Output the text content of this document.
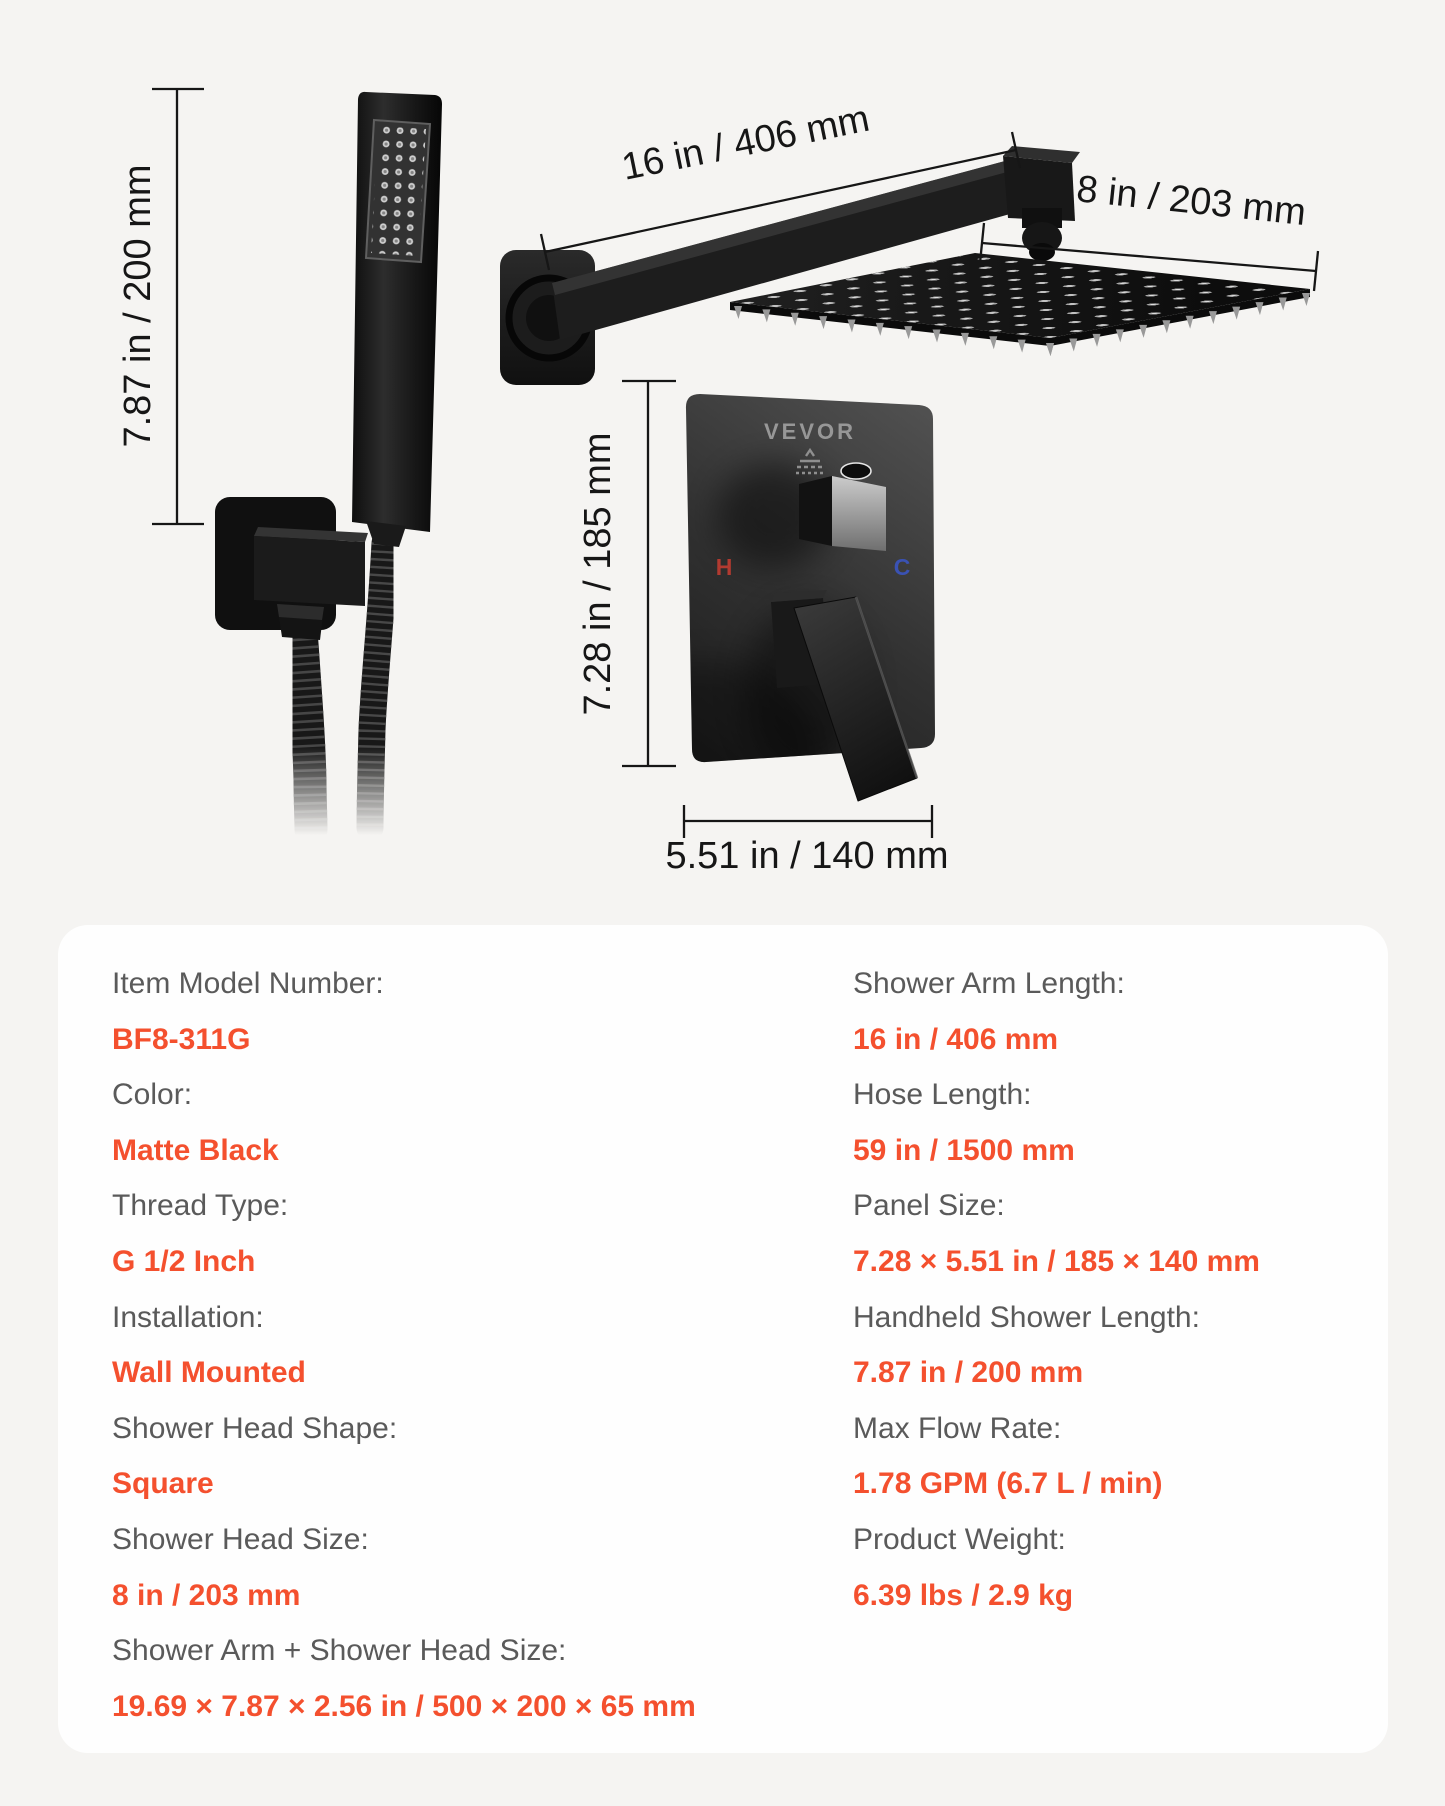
VEVOR
H	C
7.87 in / 200 mm
16 in / 406 mm
8 in / 203 mm
7.28 in / 185 mm
5.51 in / 140 mm
Item Model Number:
BF8-311G
Color:
Matte Black
Thread Type:
G 1/2 Inch
Installation:
Wall Mounted
Shower Head Shape:
Square
Shower Head Size:
8 in / 203 mm
Shower Arm + Shower Head Size:
19.69 × 7.87 × 2.56 in / 500 × 200 × 65 mm
Shower Arm Length:
16 in / 406 mm
Hose Length:
59 in / 1500 mm
Panel Size:
7.28 × 5.51 in / 185 × 140 mm
Handheld Shower Length:
7.87 in / 200 mm
Max Flow Rate:
1.78 GPM (6.7 L / min)
Product Weight:
6.39 lbs / 2.9 kg
